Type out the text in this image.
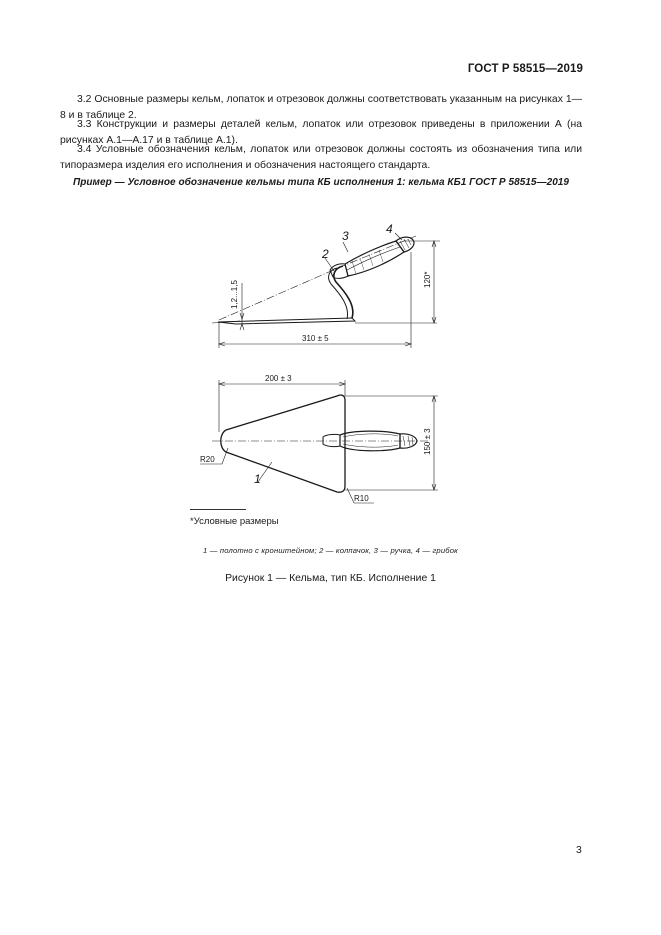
ГОСТ Р 58515—2019
3.2 Основные размеры кельм, лопаток и отрезовок должны соответствовать указанным на рисунках 1—8 и в таблице 2.
3.3 Конструкции и размеры деталей кельм, лопаток или отрезовок приведены в приложении А (на рисунках А.1—А.17 и в таблице А.1).
3.4 Условные обозначения кельм, лопаток или отрезовок должны состоять из обозначения типа или типоразмера изделия его исполнения и обозначения настоящего стандарта.
Пример — Условное обозначение кельмы типа КБ исполнения 1: кельма КБ1 ГОСТ Р 58515—2019
2
3	4
1
1,2...1,5
120*
310 ± 5
200 ± 3
150 ± 3
R20
R10
*Условные размеры
1 — полотно с кронштейном; 2 — колпачок, 3 — ручка, 4 — грибок
Рисунок 1 — Кельма, тип КБ. Исполнение 1
3
